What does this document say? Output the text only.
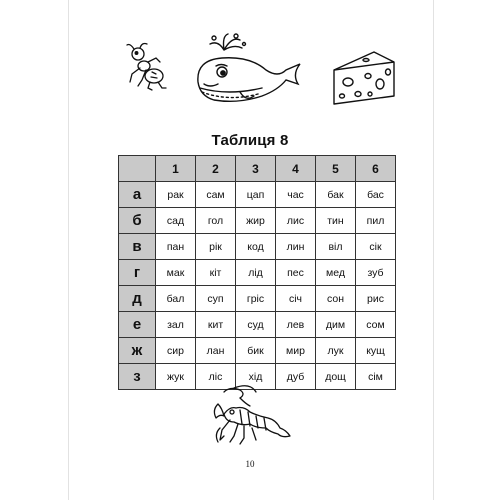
Таблиця 8
	1	2	3	4	5	6
а	рак	сам	цап	час	бак	бас
б	сад	гол	жир	лис	тин	пил
в	пан	рік	код	лин	віл	сік
г	мак	кіт	лід	пес	мед	зуб
д	бал	суп	гріс	січ	сон	рис
е	зал	кит	суд	лев	дим	сом
ж	сир	лан	бик	мир	лук	кущ
з	жук	ліс	хід	дуб	дощ	сім
10
